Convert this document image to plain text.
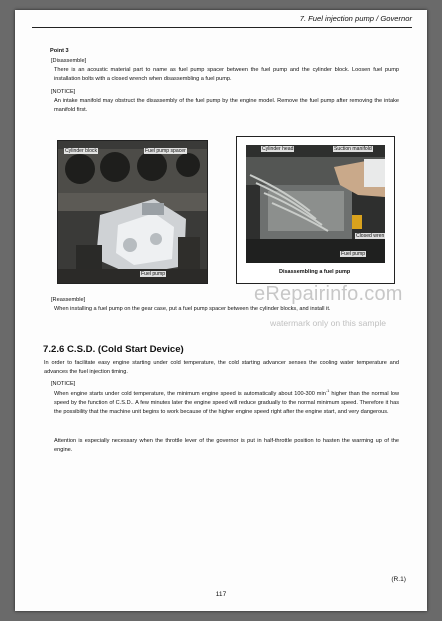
7. Fuel injection pump / Governor
Point 3
[Disassemble]
There is an acoustic material part to name as fuel pump spacer between the fuel pump and the cylinder block. Loosen fuel pump installation bolts with a closed wrench when disassembling a fuel pump.
[NOTICE]
An intake manifold may obstruct the disassembly of the fuel pump by the engine model. Remove the fuel pump after removing the intake manifold first.
Cylinder block	Fuel pump spacer
Fuel pump
Cylinder head	Suction manifold
Closed wren
Fuel pump
Disassembling a fuel pump
[Reassemble]
When installing a fuel pump on the gear case, put a fuel pump spacer between the cylinder blocks, and install it.
7.2.6 C.S.D. (Cold Start Device)
In order to facilitate easy engine starting under cold temperature, the cold starting advancer senses the cooling water temperature and advances the fuel injection timing.
[NOTICE]
When engine starts under cold temperature, the minimum engine speed is automatically about 100-300 $\min^{-1}$ higher than the normal low speed by the function of C.S.D.. A few minutes later the engine speed will reduce gradually to the normal minimum speed. Therefore it has the possibility that the machine unit begins to work because of the higher engine speed right after the engine start, and very dangerous.
Attention is especially necessary when the throttle lever of the governor is put in half-throttle position to hasten the warming up of the engine.
eRepairinfo.com
watermark only on this sample
(R.1)
117
